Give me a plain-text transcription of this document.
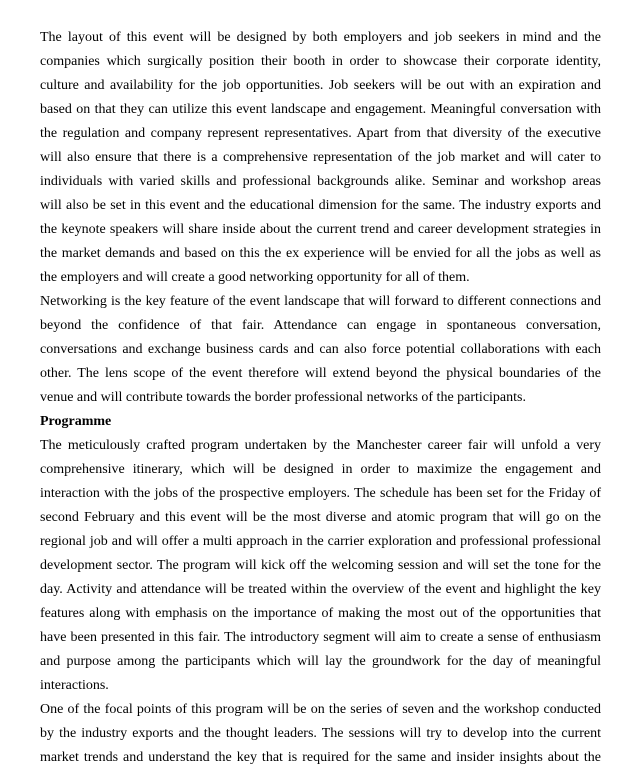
The layout of this event will be designed by both employers and job seekers in mind and the
companies which surgically position their booth in order to showcase their corporate identity,
culture and availability for the job opportunities. Job seekers will be out with an expiration and
based on that they can utilize this event landscape and engagement. Meaningful conversation with
the regulation and company represent representatives. Apart from that diversity of the executive
will also ensure that there is a comprehensive representation of the job market and will cater to
individuals with varied skills and professional backgrounds alike. Seminar and workshop areas
will also be set in this event and the educational dimension for the same. The industry exports and
the keynote speakers will share inside about the current trend and career development strategies in
the market demands and based on this the ex experience will be envied for all the jobs as well as
the employers and will create a good networking opportunity for all of them.
Networking is the key feature of the event landscape that will forward to different connections and
beyond the confidence of that fair. Attendance can engage in spontaneous conversation,
conversations and exchange business cards and can also force potential collaborations with each
other. The lens scope of the event therefore will extend beyond the physical boundaries of the
venue and will contribute towards the border professional networks of the participants.
Programme
The meticulously crafted program undertaken by the Manchester career fair will unfold a very
comprehensive itinerary, which will be designed in order to maximize the engagement and
interaction with the jobs of the prospective employers. The schedule has been set for the Friday of
second February and this event will be the most diverse and atomic program that will go on the
regional job and will offer a multi approach in the carrier exploration and professional professional
development sector. The program will kick off the welcoming session and will set the tone for the
day. Activity and attendance will be treated within the overview of the event and highlight the key
features along with emphasis on the importance of making the most out of the opportunities that
have been presented in this fair. The introductory segment will aim to create a sense of enthusiasm
and purpose among the participants which will lay the groundwork for the day of meaningful
interactions.
One of the focal points of this program will be on the series of seven and the workshop conducted
by the industry exports and the thought leaders. The sessions will try to develop into the current
market trends and understand the key that is required for the same and insider insights about the
